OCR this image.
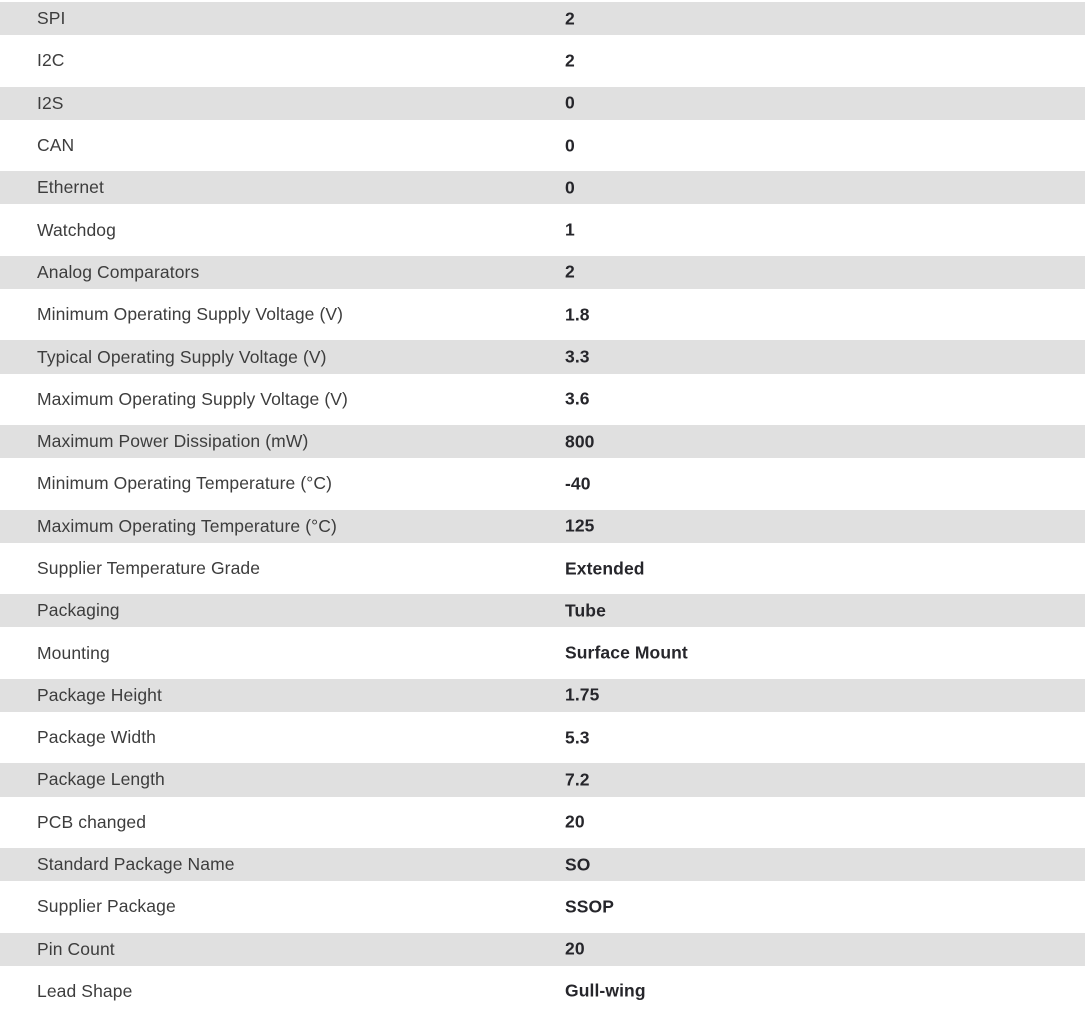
SPI	2
I2C	2
I2S	0
CAN	0
Ethernet	0
Watchdog	1
Analog Comparators	2
Minimum Operating Supply Voltage (V)	1.8
Typical Operating Supply Voltage (V)	3.3
Maximum Operating Supply Voltage (V)	3.6
Maximum Power Dissipation (mW)	800
Minimum Operating Temperature (°C)	-40
Maximum Operating Temperature (°C)	125
Supplier Temperature Grade	Extended
Packaging	Tube
Mounting	Surface Mount
Package Height	1.75
Package Width	5.3
Package Length	7.2
PCB changed	20
Standard Package Name	SO
Supplier Package	SSOP
Pin Count	20
Lead Shape	Gull-wing
